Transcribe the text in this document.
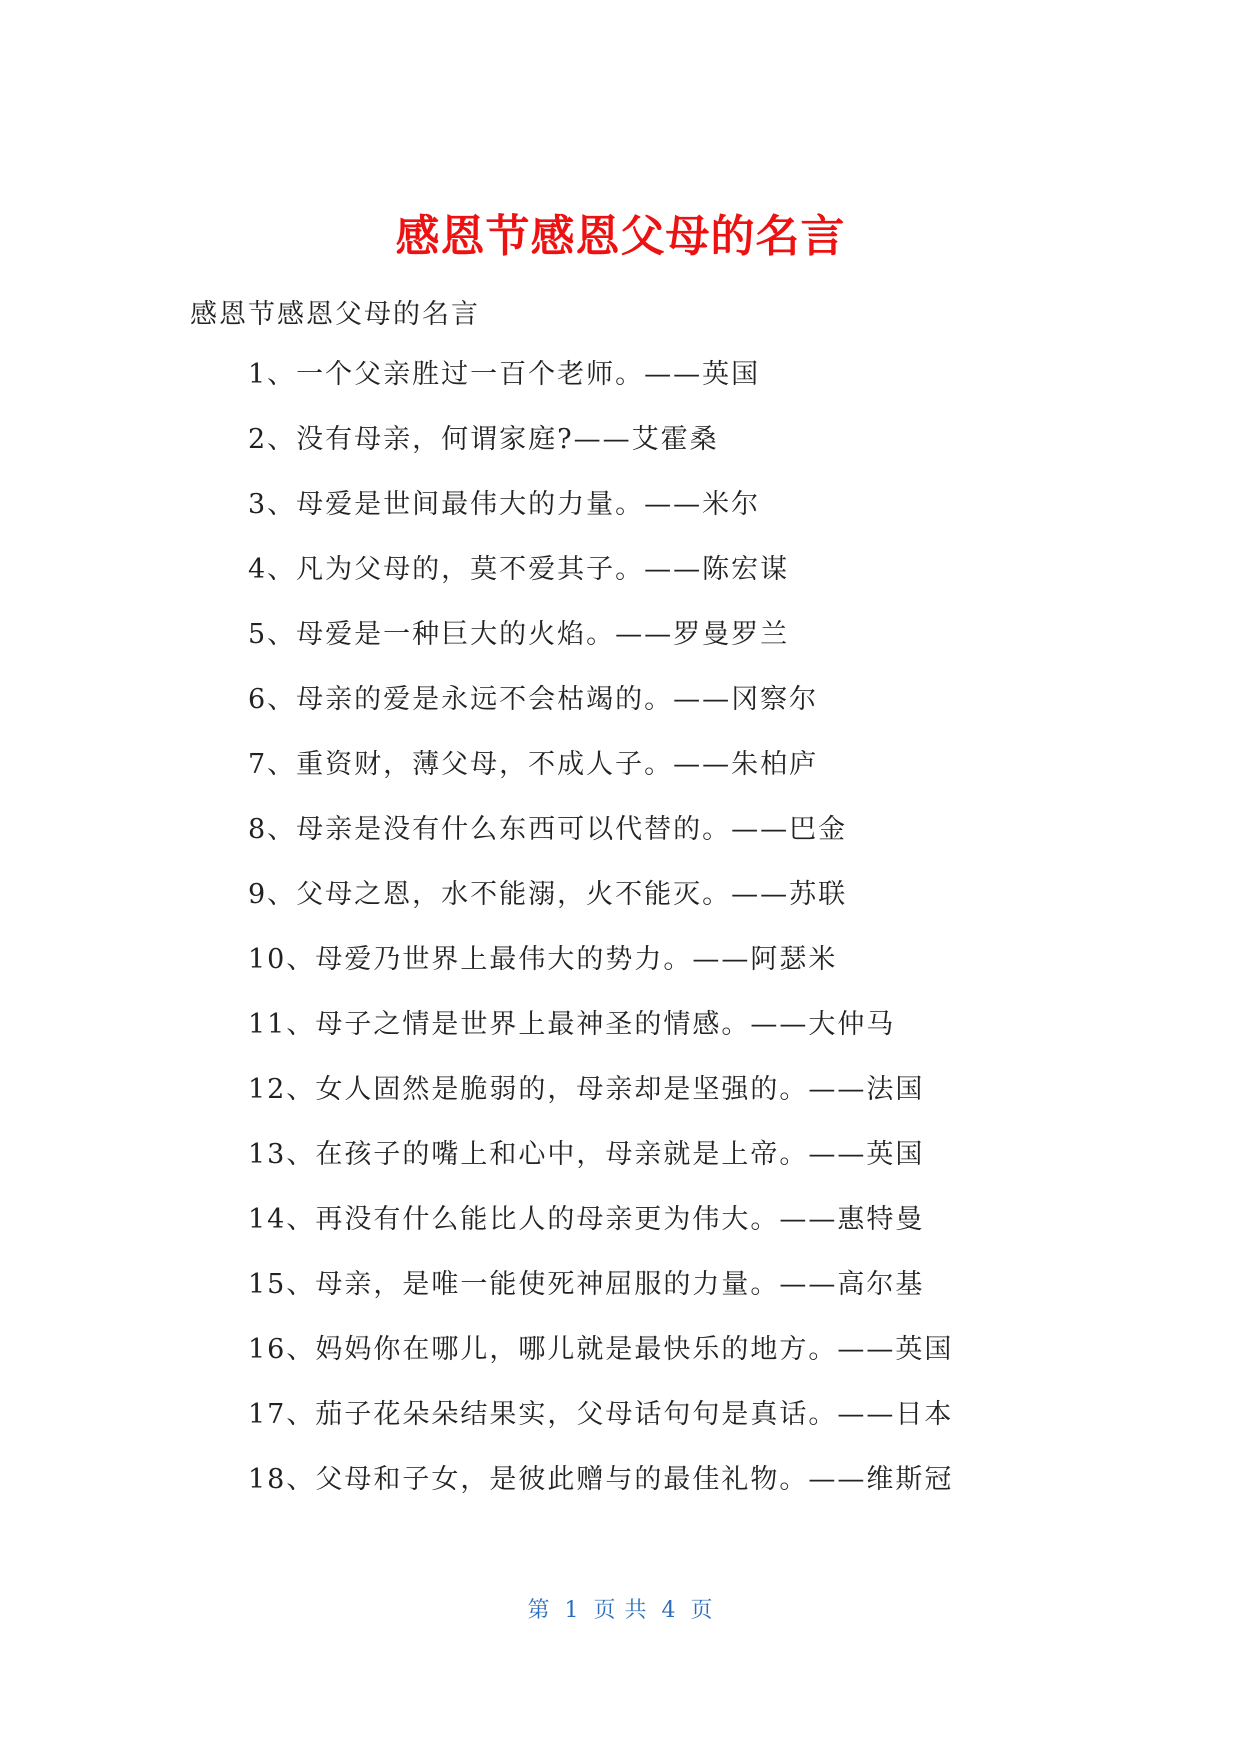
感恩节感恩父母的名言
感恩节感恩父母的名言
1、一个父亲胜过一百个老师。——英国
2、没有母亲，何谓家庭?——艾霍桑
3、母爱是世间最伟大的力量。——米尔
4、凡为父母的，莫不爱其子。——陈宏谋
5、母爱是一种巨大的火焰。——罗曼罗兰
6、母亲的爱是永远不会枯竭的。——冈察尔
7、重资财，薄父母，不成人子。——朱柏庐
8、母亲是没有什么东西可以代替的。——巴金
9、父母之恩，水不能溺，火不能灭。——苏联
10、母爱乃世界上最伟大的势力。——阿瑟米
11、母子之情是世界上最神圣的情感。——大仲马
12、女人固然是脆弱的，母亲却是坚强的。——法国
13、在孩子的嘴上和心中，母亲就是上帝。——英国
14、再没有什么能比人的母亲更为伟大。——惠特曼
15、母亲，是唯一能使死神屈服的力量。——高尔基
16、妈妈你在哪儿，哪儿就是最快乐的地方。——英国
17、茄子花朵朵结果实，父母话句句是真话。——日本
18、父母和子女，是彼此赠与的最佳礼物。——维斯冠
第 1 页 共 4 页
